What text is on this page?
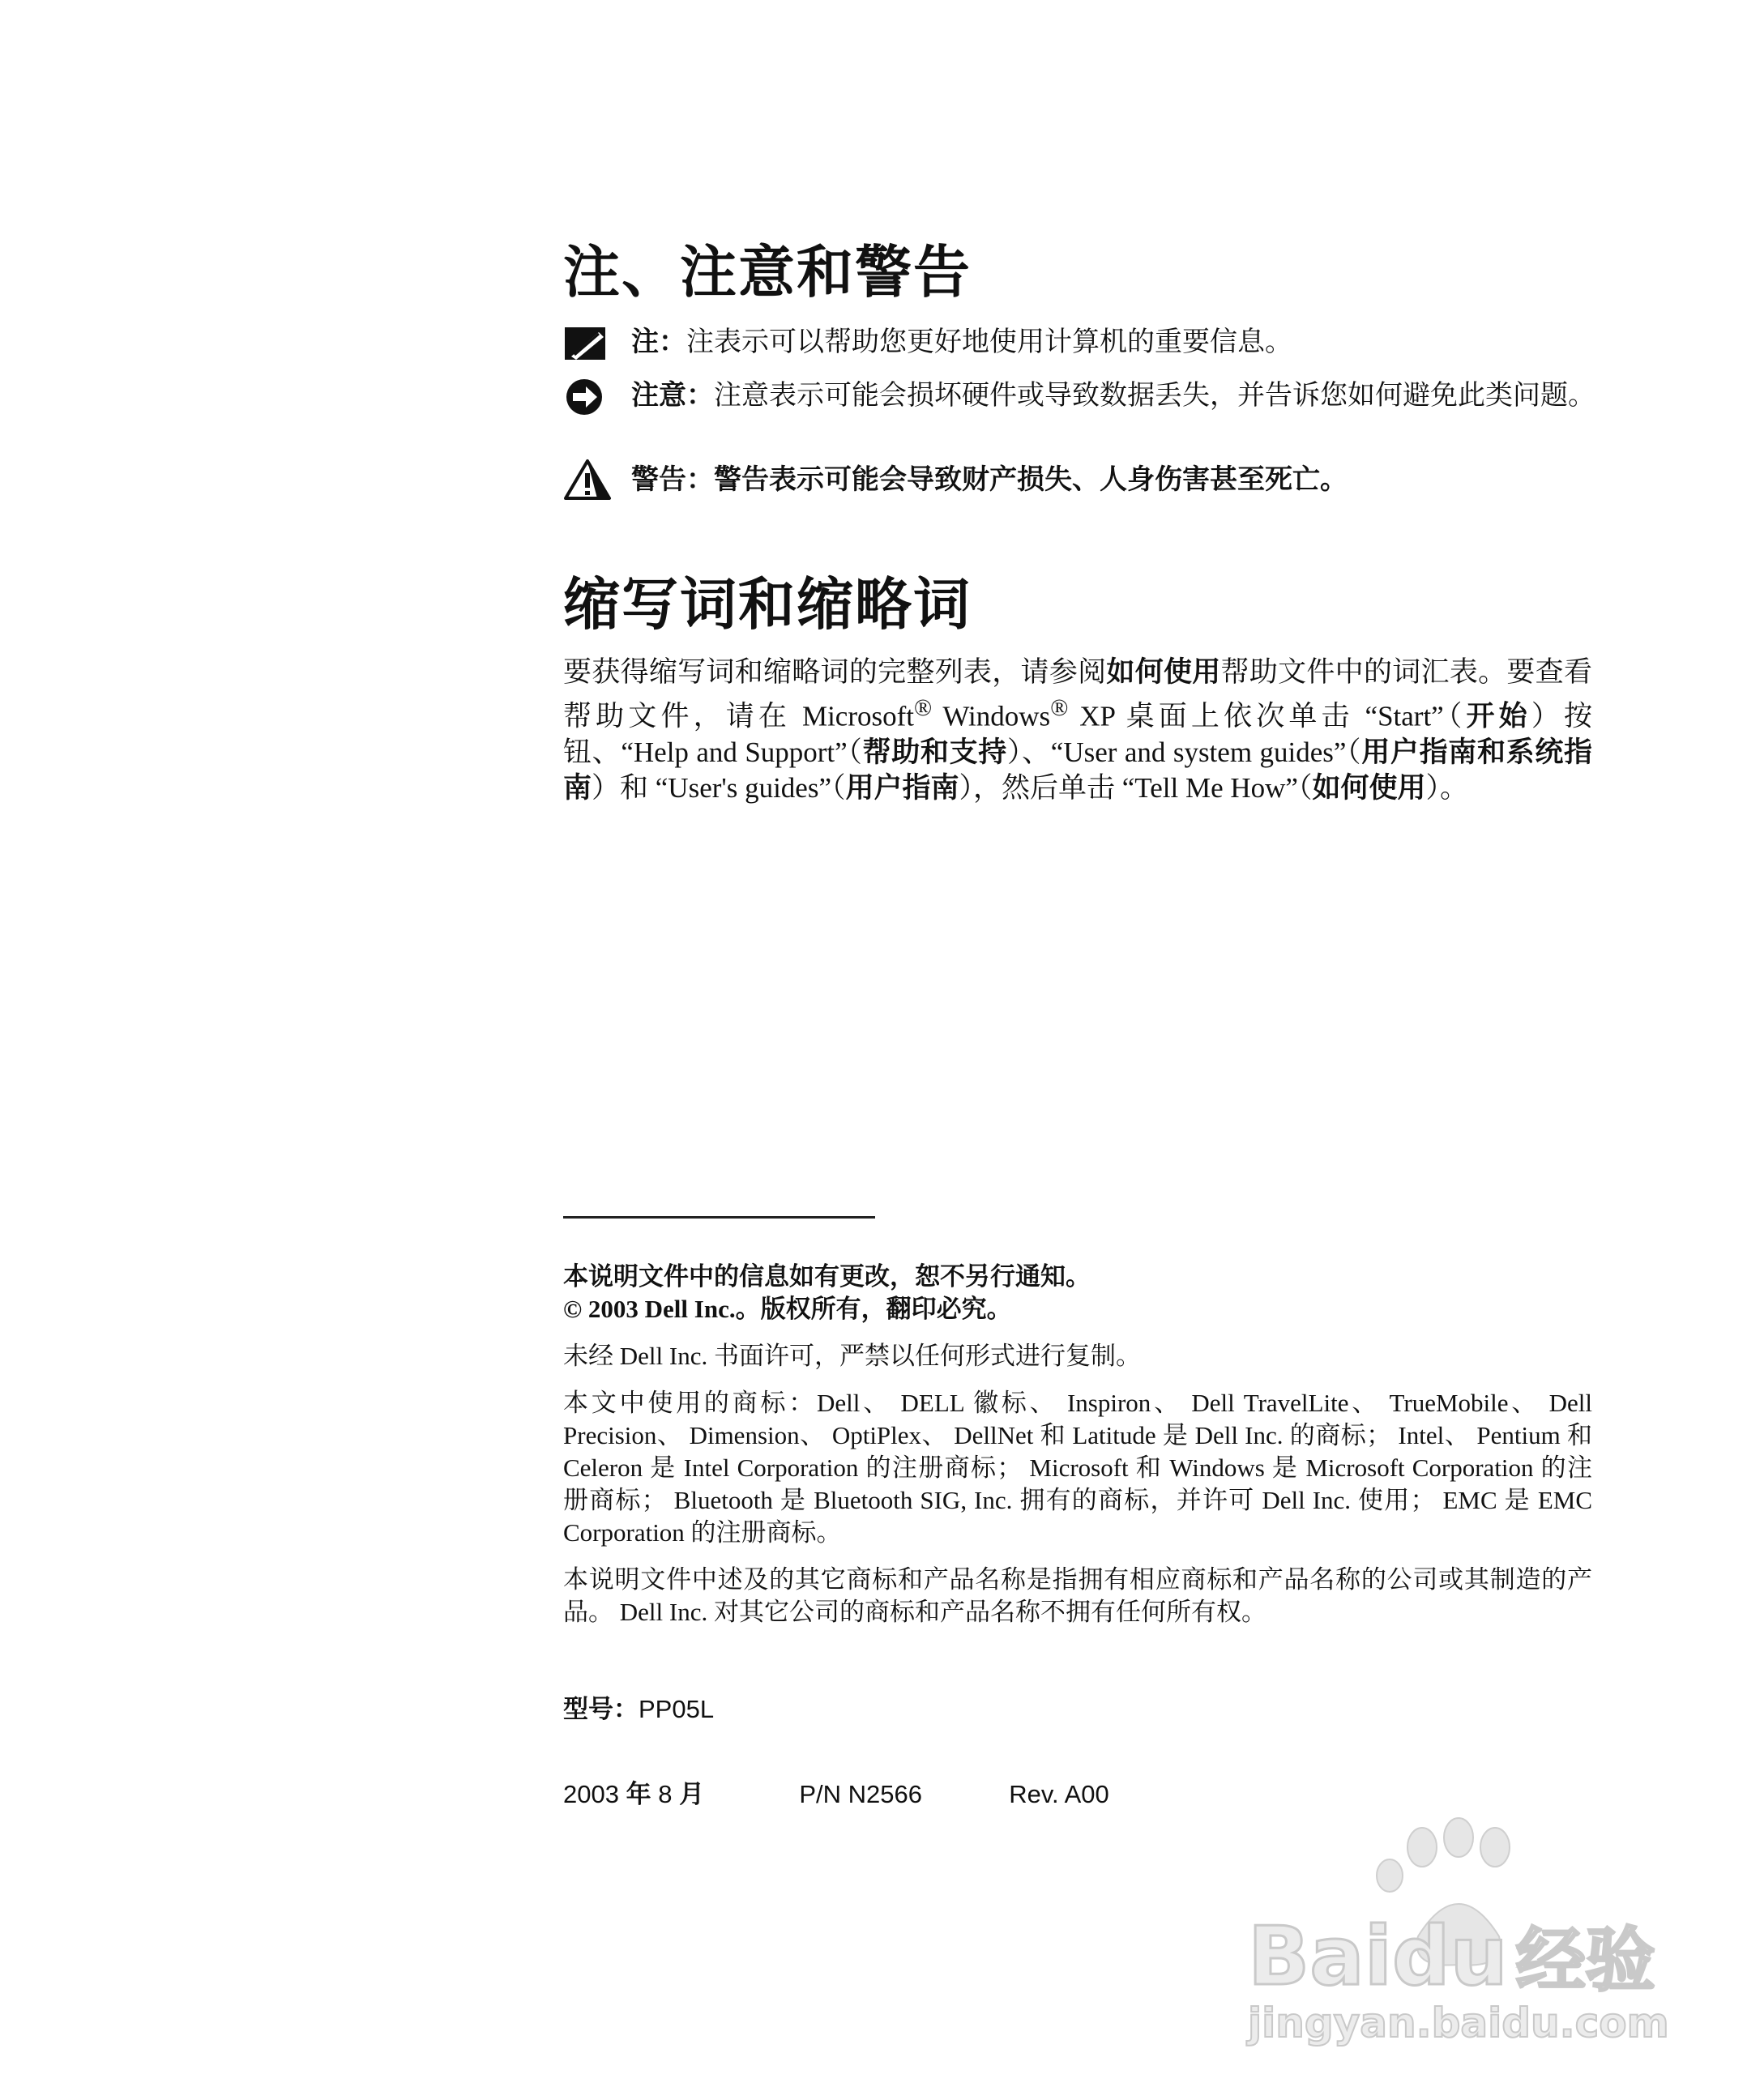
注、注意和警告
注：注表示可以帮助您更好地使用计算机的重要信息。
注意：注意表示可能会损坏硬件或导致数据丢失，并告诉您如何避免此类问题。
警告：警告表示可能会导致财产损失、人身伤害甚至死亡。
缩写词和缩略词
要获得缩写词和缩略词的完整列表，请参阅如何使用帮助文件中的词汇表。要查看帮助文件，请在 Microsoft® Windows® XP 桌面上依次单击 “Start”（开始）按钮、“Help and Support”（帮助和支持）、“User and system guides”（用户指南和系统指南）和 “User's guides”（用户指南），然后单击 “Tell Me How”（如何使用）。

本说明文件中的信息如有更改，恕不另行通知。

© 2003 Dell Inc.。版权所有，翻印必究。

未经 Dell Inc. 书面许可，严禁以任何形式进行复制。

本文中使用的商标：Dell、 DELL 徽标、 Inspiron、 Dell TravelLite、 TrueMobile、 Dell Precision、 Dimension、 OptiPlex、 DellNet 和 Latitude 是 Dell Inc. 的商标； Intel、 Pentium 和 Celeron 是 Intel Corporation 的注册商标； Microsoft 和 Windows 是 Microsoft Corporation 的注册商标； Bluetooth 是 Bluetooth SIG, Inc. 拥有的商标，并许可 Dell Inc. 使用； EMC 是 EMC Corporation 的注册商标。

本说明文件中述及的其它商标和产品名称是指拥有相应商标和产品名称的公司或其制造的产品。 Dell Inc. 对其它公司的商标和产品名称不拥有任何所有权。

型号：PP05L
2003 年 8 月	P/N N2566	Rev. A00
Baidu 经验
jingyan.baidu.com
